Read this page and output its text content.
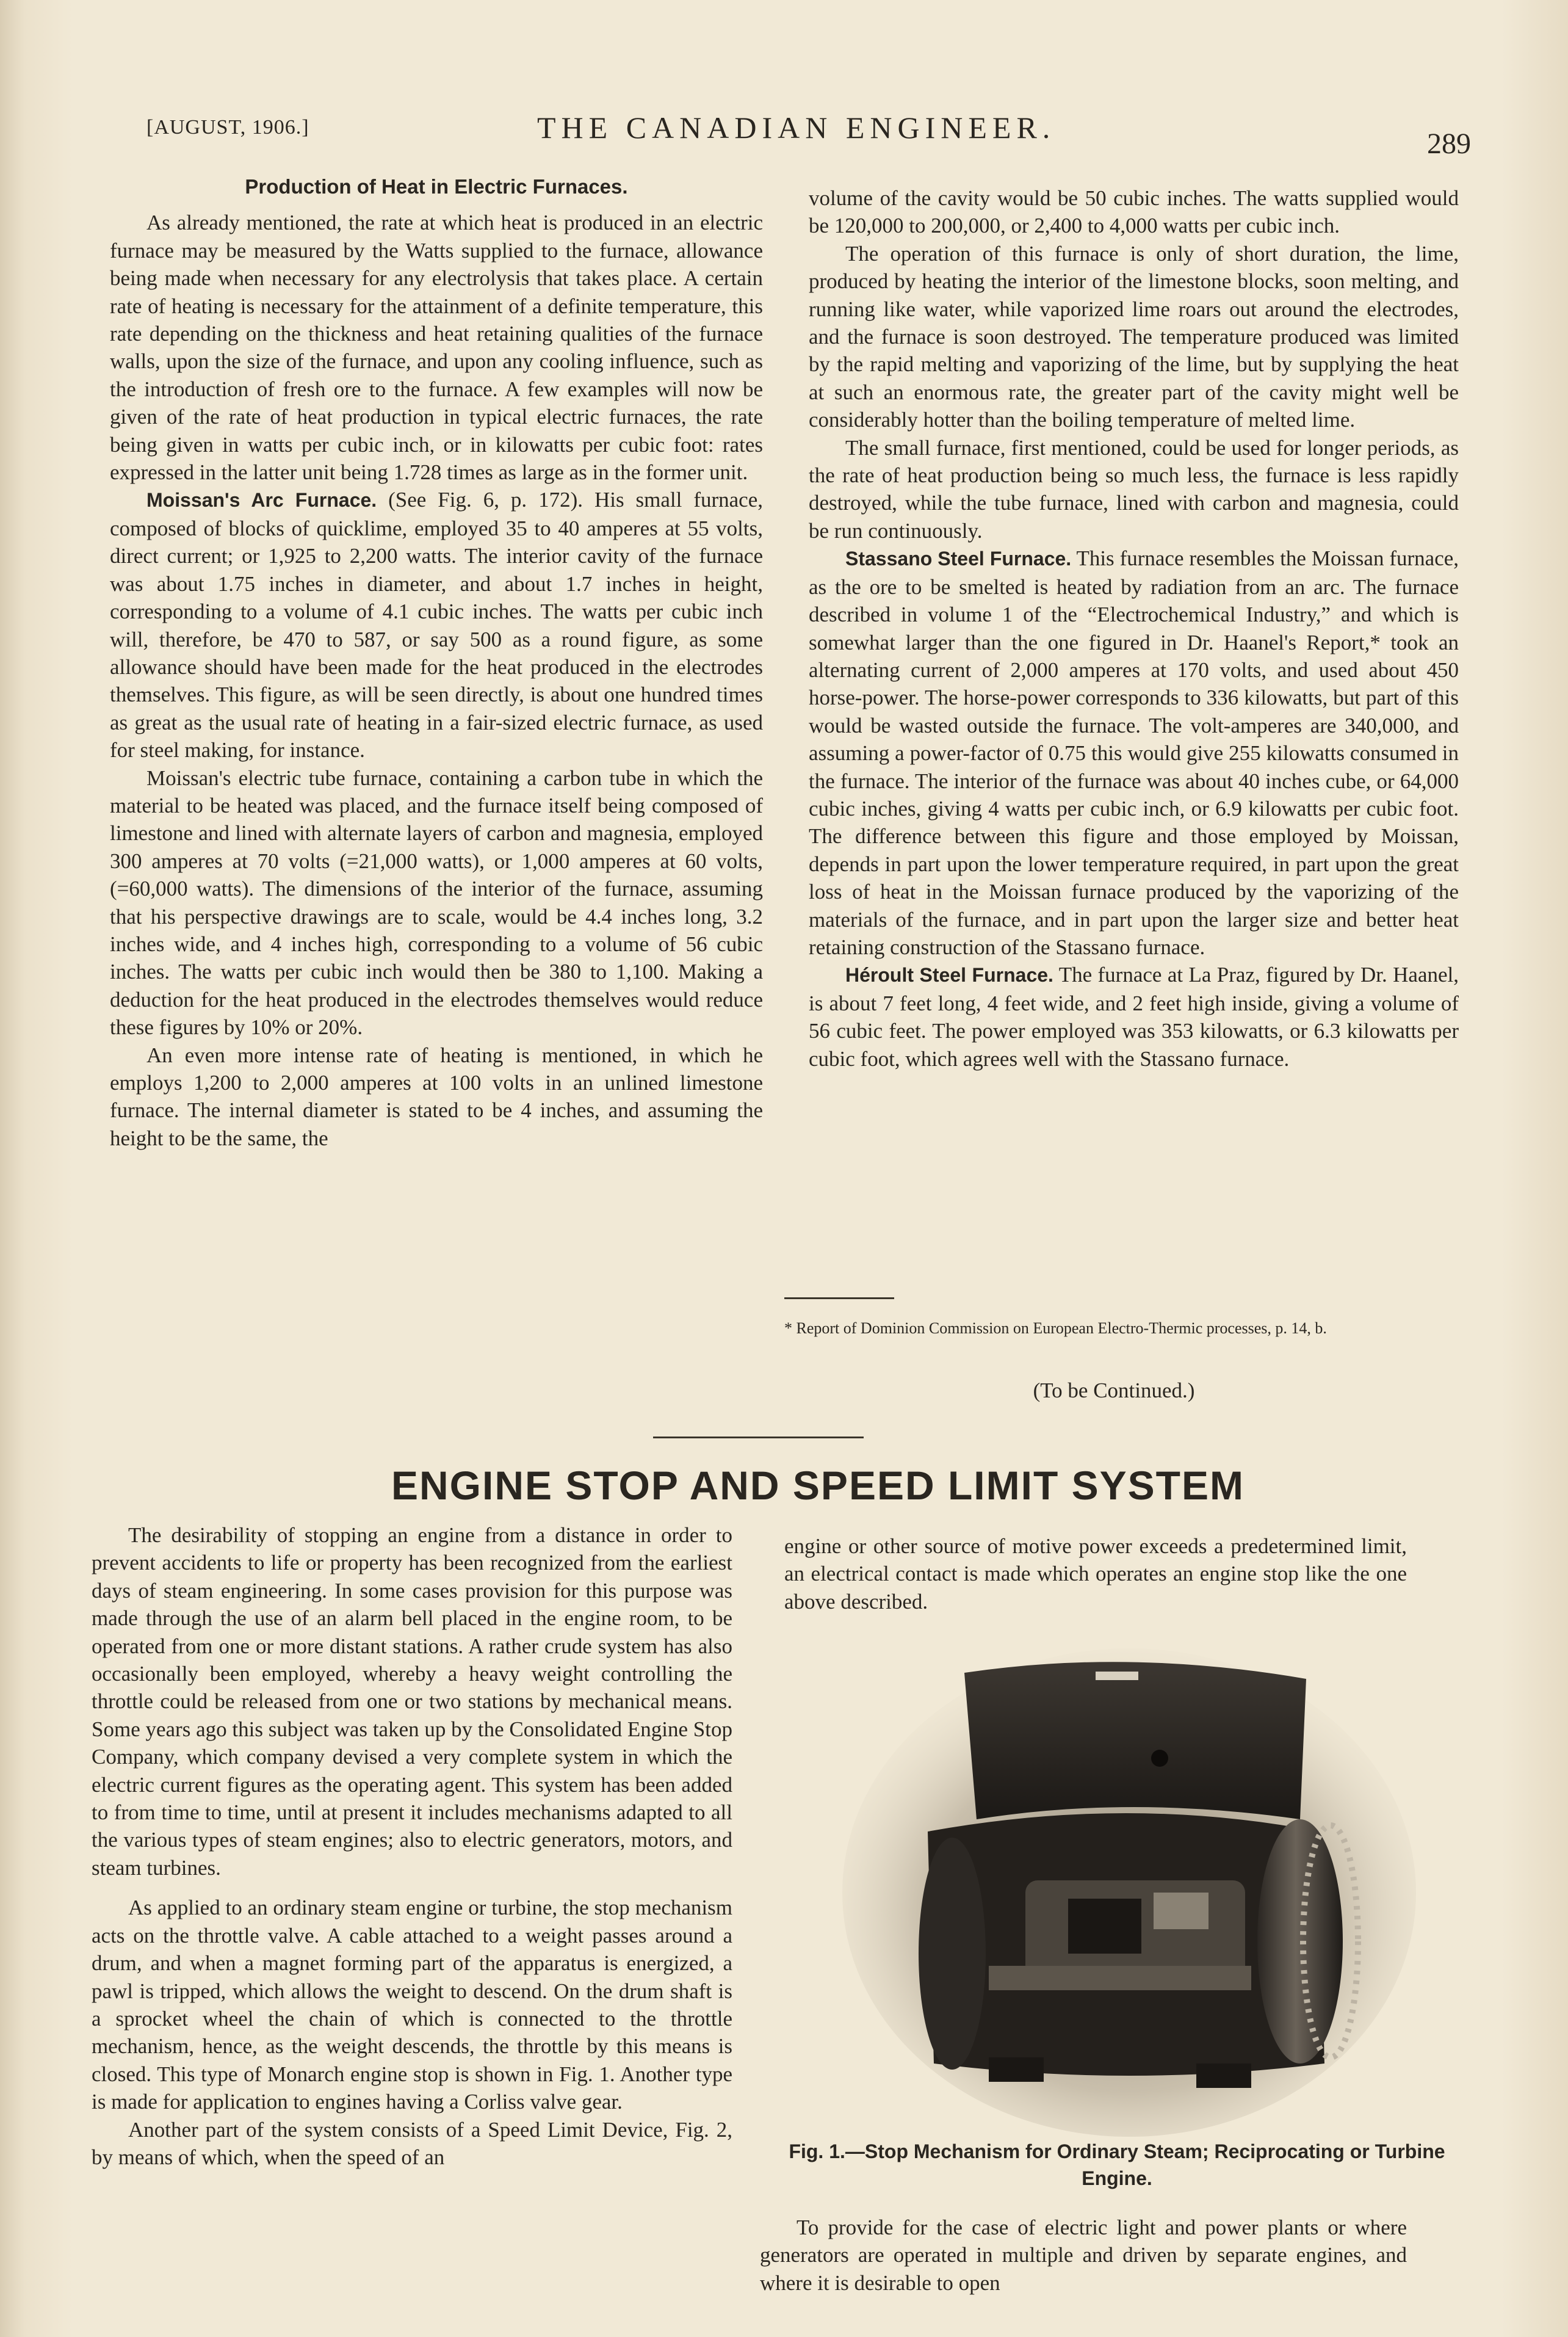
[AUGUST, 1906.]	THE CANADIAN ENGINEER.	289
Production of Heat in Electric Furnaces.

As already mentioned, the rate at which heat is produced in an electric furnace may be measured by the Watts supplied to the furnace, allowance being made when necessary for any electrolysis that takes place. A certain rate of heating is necessary for the attainment of a definite temperature, this rate depending on the thickness and heat retaining qualities of the furnace walls, upon the size of the furnace, and upon any cooling influence, such as the introduction of fresh ore to the furnace. A few examples will now be given of the rate of heat production in typical electric furnaces, the rate being given in watts per cubic inch, or in kilowatts per cubic foot: rates expressed in the latter unit being 1.728 times as large as in the former unit.

Moissan's Arc Furnace. (See Fig. 6, p. 172). His small furnace, composed of blocks of quicklime, employed 35 to 40 amperes at 55 volts, direct current; or 1,925 to 2,200 watts. The interior cavity of the furnace was about 1.75 inches in diameter, and about 1.7 inches in height, corresponding to a volume of 4.1 cubic inches. The watts per cubic inch will, therefore, be 470 to 587, or say 500 as a round figure, as some allowance should have been made for the heat produced in the electrodes themselves. This figure, as will be seen directly, is about one hundred times as great as the usual rate of heating in a fair-sized electric furnace, as used for steel making, for instance.

Moissan's electric tube furnace, containing a carbon tube in which the material to be heated was placed, and the furnace itself being composed of limestone and lined with alternate layers of carbon and magnesia, employed 300 amperes at 70 volts (=21,000 watts), or 1,000 amperes at 60 volts, (=60,000 watts). The dimensions of the interior of the furnace, assuming that his perspective drawings are to scale, would be 4.4 inches long, 3.2 inches wide, and 4 inches high, corresponding to a volume of 56 cubic inches. The watts per cubic inch would then be 380 to 1,100. Making a deduction for the heat produced in the electrodes themselves would reduce these figures by 10% or 20%.

An even more intense rate of heating is mentioned, in which he employs 1,200 to 2,000 amperes at 100 volts in an unlined limestone furnace. The internal diameter is stated to be 4 inches, and assuming the height to be the same, the

volume of the cavity would be 50 cubic inches. The watts supplied would be 120,000 to 200,000, or 2,400 to 4,000 watts per cubic inch.

The operation of this furnace is only of short duration, the lime, produced by heating the interior of the limestone blocks, soon melting, and running like water, while vaporized lime roars out around the electrodes, and the furnace is soon destroyed. The temperature produced was limited by the rapid melting and vaporizing of the lime, but by supplying the heat at such an enormous rate, the greater part of the cavity might well be considerably hotter than the boiling temperature of melted lime.

The small furnace, first mentioned, could be used for longer periods, as the rate of heat production being so much less, the furnace is less rapidly destroyed, while the tube furnace, lined with carbon and magnesia, could be run continuously.

Stassano Steel Furnace. This furnace resembles the Moissan furnace, as the ore to be smelted is heated by radiation from an arc. The furnace described in volume 1 of the “Electrochemical Industry,” and which is somewhat larger than the one figured in Dr. Haanel's Report,* took an alternating current of 2,000 amperes at 170 volts, and used about 450 horse-power. The horse-power corresponds to 336 kilowatts, but part of this would be wasted outside the furnace. The volt-amperes are 340,000, and assuming a power-factor of 0.75 this would give 255 kilowatts consumed in the furnace. The interior of the furnace was about 40 inches cube, or 64,000 cubic inches, giving 4 watts per cubic inch, or 6.9 kilowatts per cubic foot. The difference between this figure and those employed by Moissan, depends in part upon the lower temperature required, in part upon the great loss of heat in the Moissan furnace produced by the vaporizing of the materials of the furnace, and in part upon the larger size and better heat retaining construction of the Stassano furnace.

Héroult Steel Furnace. The furnace at La Praz, figured by Dr. Haanel, is about 7 feet long, 4 feet wide, and 2 feet high inside, giving a volume of 56 cubic feet. The power employed was 353 kilowatts, or 6.3 kilowatts per cubic foot, which agrees well with the Stassano furnace.

* Report of Dominion Commission on European Electro-Thermic processes, p. 14, b.
(To be Continued.)
ENGINE STOP AND SPEED LIMIT SYSTEM

The desirability of stopping an engine from a distance in order to prevent accidents to life or property has been recognized from the earliest days of steam engineering. In some cases provision for this purpose was made through the use of an alarm bell placed in the engine room, to be operated from one or more distant stations. A rather crude system has also occasionally been employed, whereby a heavy weight controlling the throttle could be released from one or two stations by mechanical means. Some years ago this subject was taken up by the Consolidated Engine Stop Company, which company devised a very complete system in which the electric current figures as the operating agent. This system has been added to from time to time, until at present it includes mechanisms adapted to all the various types of steam engines; also to electric generators, motors, and steam turbines.

As applied to an ordinary steam engine or turbine, the stop mechanism acts on the throttle valve. A cable attached to a weight passes around a drum, and when a magnet forming part of the apparatus is energized, a pawl is tripped, which allows the weight to descend. On the drum shaft is a sprocket wheel the chain of which is connected to the throttle mechanism, hence, as the weight descends, the throttle by this means is closed. This type of Monarch engine stop is shown in Fig. 1. Another type is made for application to engines having a Corliss valve gear.

Another part of the system consists of a Speed Limit Device, Fig. 2, by means of which, when the speed of an

engine or other source of motive power exceeds a predetermined limit, an electrical contact is made which operates an engine stop like the one above described.

Fig. 1.—Stop Mechanism for Ordinary Steam; Reciprocating or Turbine Engine.

To provide for the case of electric light and power plants or where generators are operated in multiple and driven by separate engines, and where it is desirable to open
